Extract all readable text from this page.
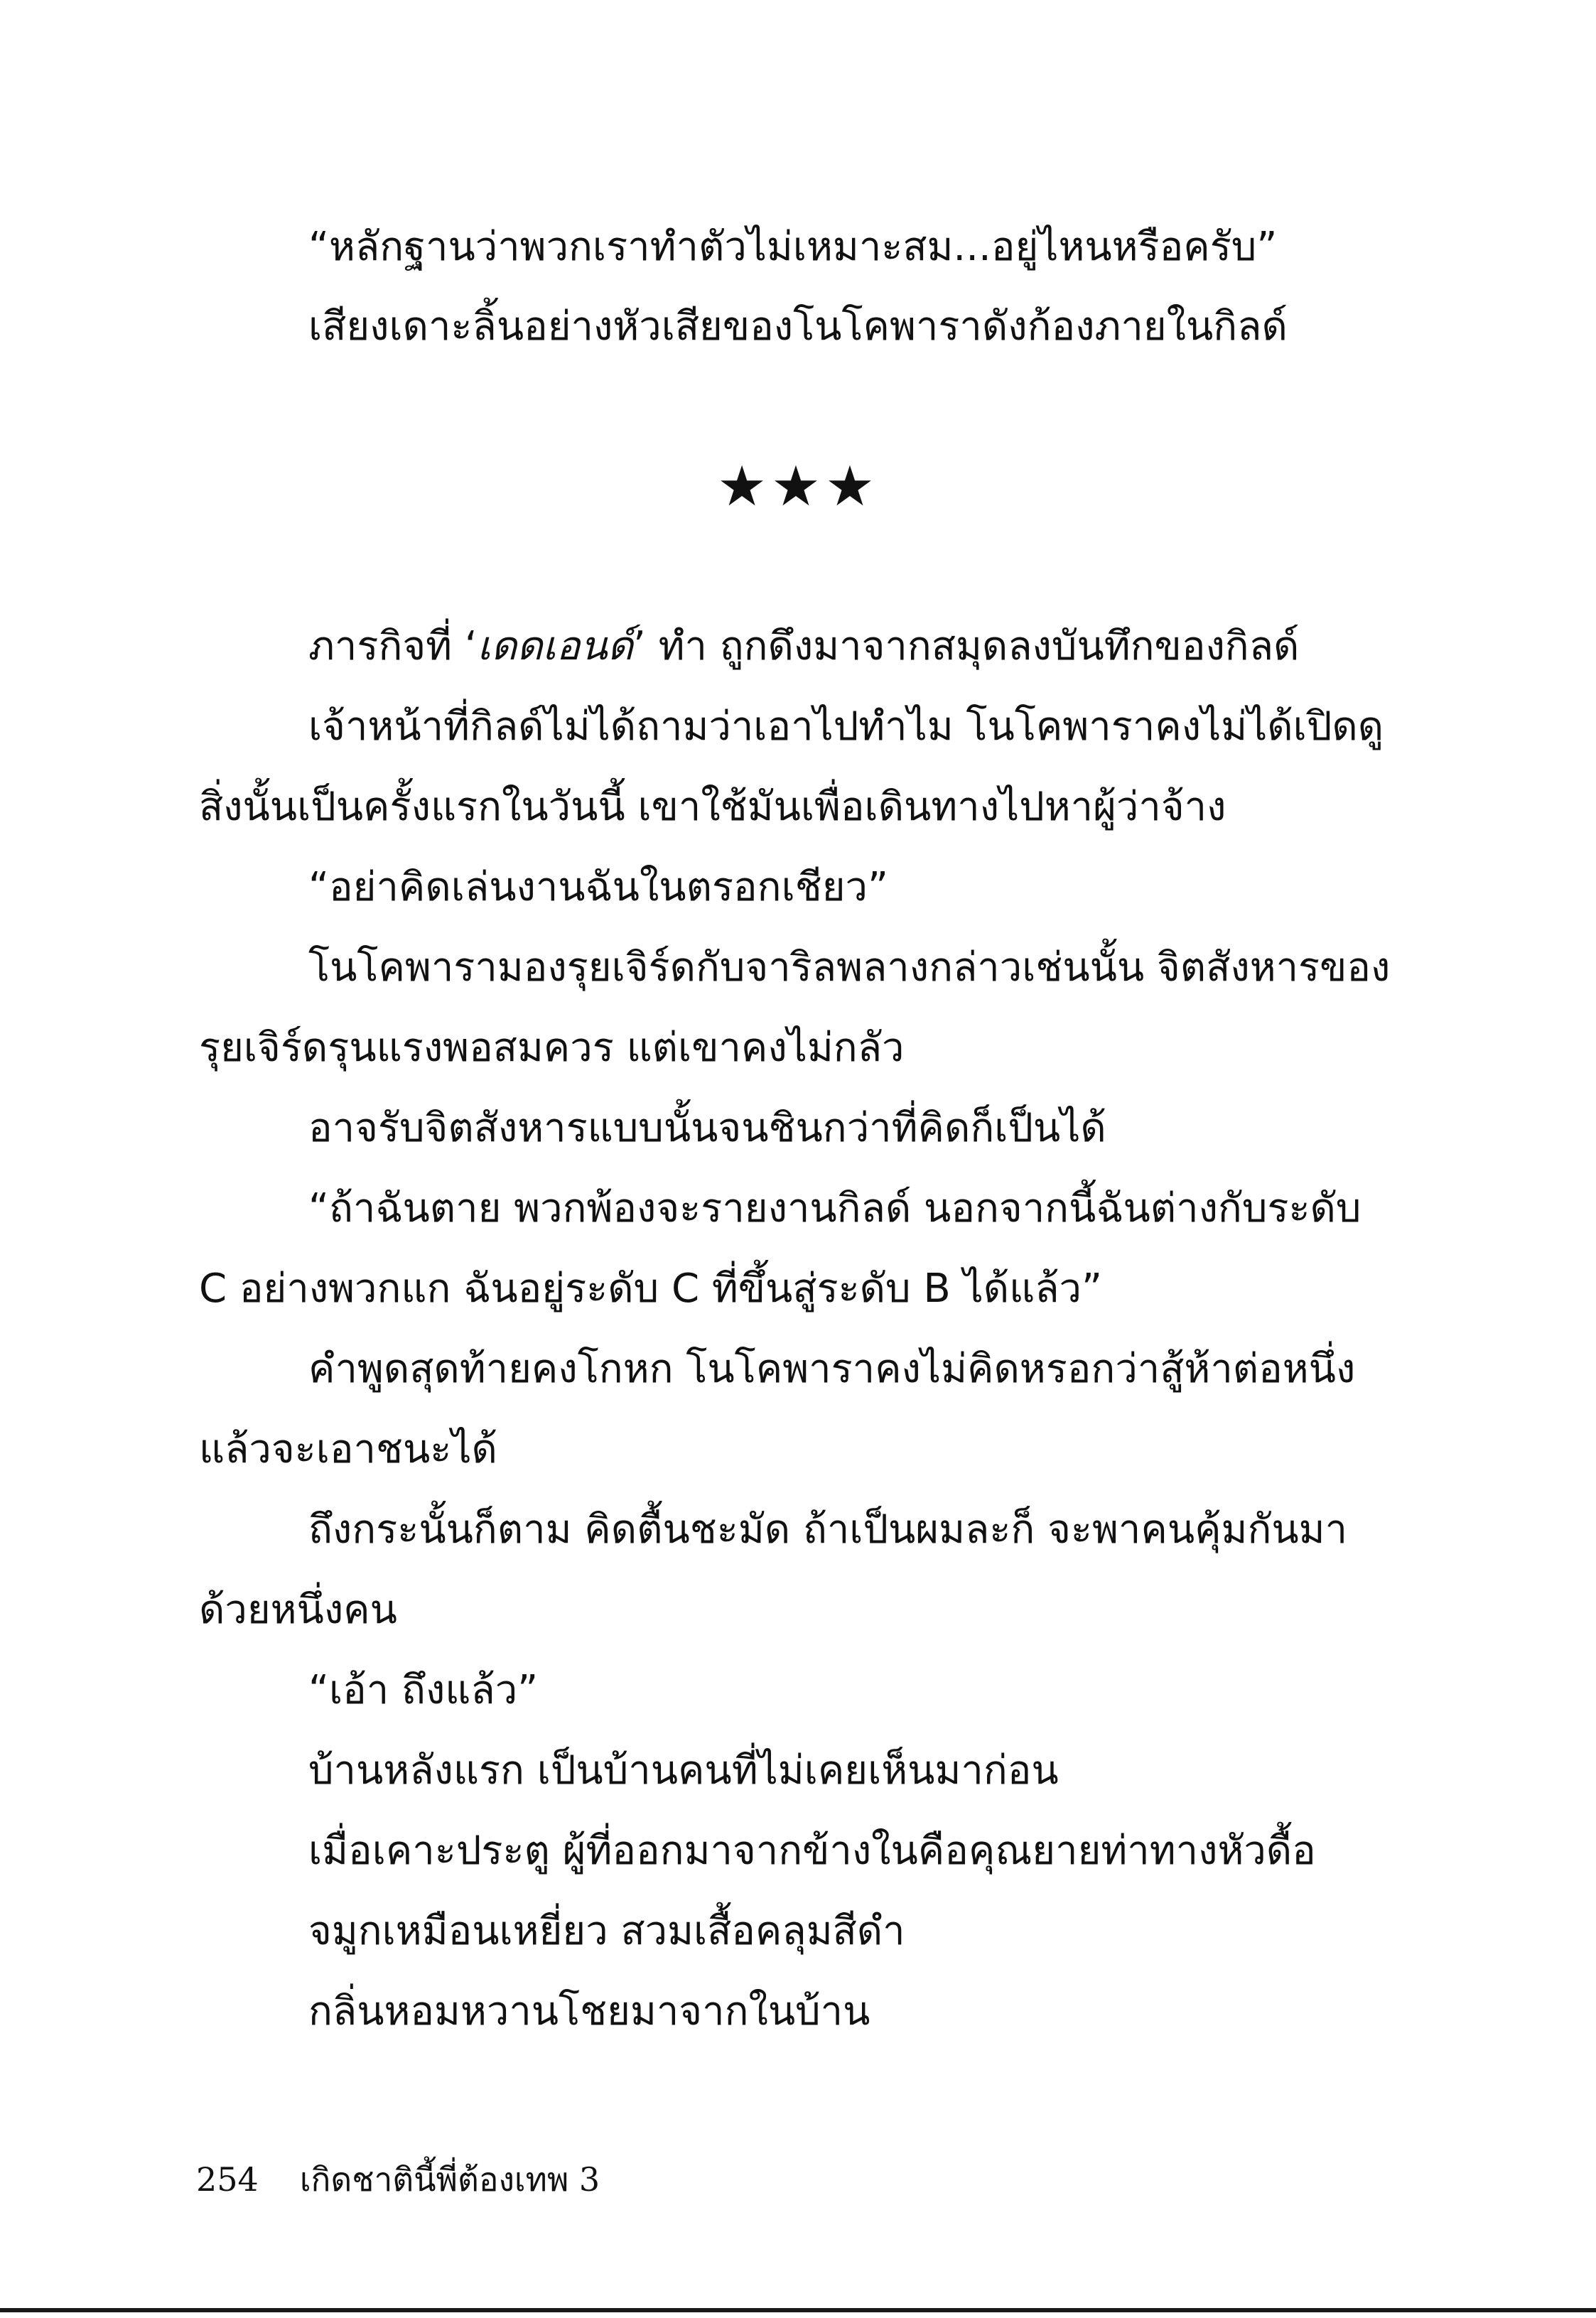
“หลักฐานว่าพวกเราทำตัวไม่เหมาะสม...อยู่ไหนหรือครับ”

เสียงเดาะลิ้นอย่างหัวเสียของโนโคพาราดังก้องภายในกิลด์

★★★

ภารกิจที่ ‘เดดเอนด์’ ทำ ถูกดึงมาจากสมุดลงบันทึกของกิลด์

เจ้าหน้าที่กิลด์ไม่ได้ถามว่าเอาไปทำไม โนโคพาราคงไม่ได้เปิดดู

สิ่งนั้นเป็นครั้งแรกในวันนี้ เขาใช้มันเพื่อเดินทางไปหาผู้ว่าจ้าง

“อย่าคิดเล่นงานฉันในตรอกเชียว”

โนโคพารามองรุยเจิร์ดกับจาริลพลางกล่าวเช่นนั้น จิตสังหารของ

รุยเจิร์ดรุนแรงพอสมควร แต่เขาคงไม่กลัว

อาจรับจิตสังหารแบบนั้นจนชินกว่าที่คิดก็เป็นได้

“ถ้าฉันตาย พวกพ้องจะรายงานกิลด์ นอกจากนี้ฉันต่างกับระดับ

C อย่างพวกแก ฉันอยู่ระดับ C ที่ขึ้นสู่ระดับ B ได้แล้ว”

คำพูดสุดท้ายคงโกหก โนโคพาราคงไม่คิดหรอกว่าสู้ห้าต่อหนึ่ง

แล้วจะเอาชนะได้

ถึงกระนั้นก็ตาม คิดตื้นชะมัด ถ้าเป็นผมละก็ จะพาคนคุ้มกันมา

ด้วยหนึ่งคน

“เอ้า ถึงแล้ว”

บ้านหลังแรก เป็นบ้านคนที่ไม่เคยเห็นมาก่อน

เมื่อเคาะประตู ผู้ที่ออกมาจากข้างในคือคุณยายท่าทางหัวดื้อ

จมูกเหมือนเหยี่ยว สวมเสื้อคลุมสีดำ

กลิ่นหอมหวานโชยมาจากในบ้าน

254 เกิดชาตินี้พี่ต้องเทพ 3
